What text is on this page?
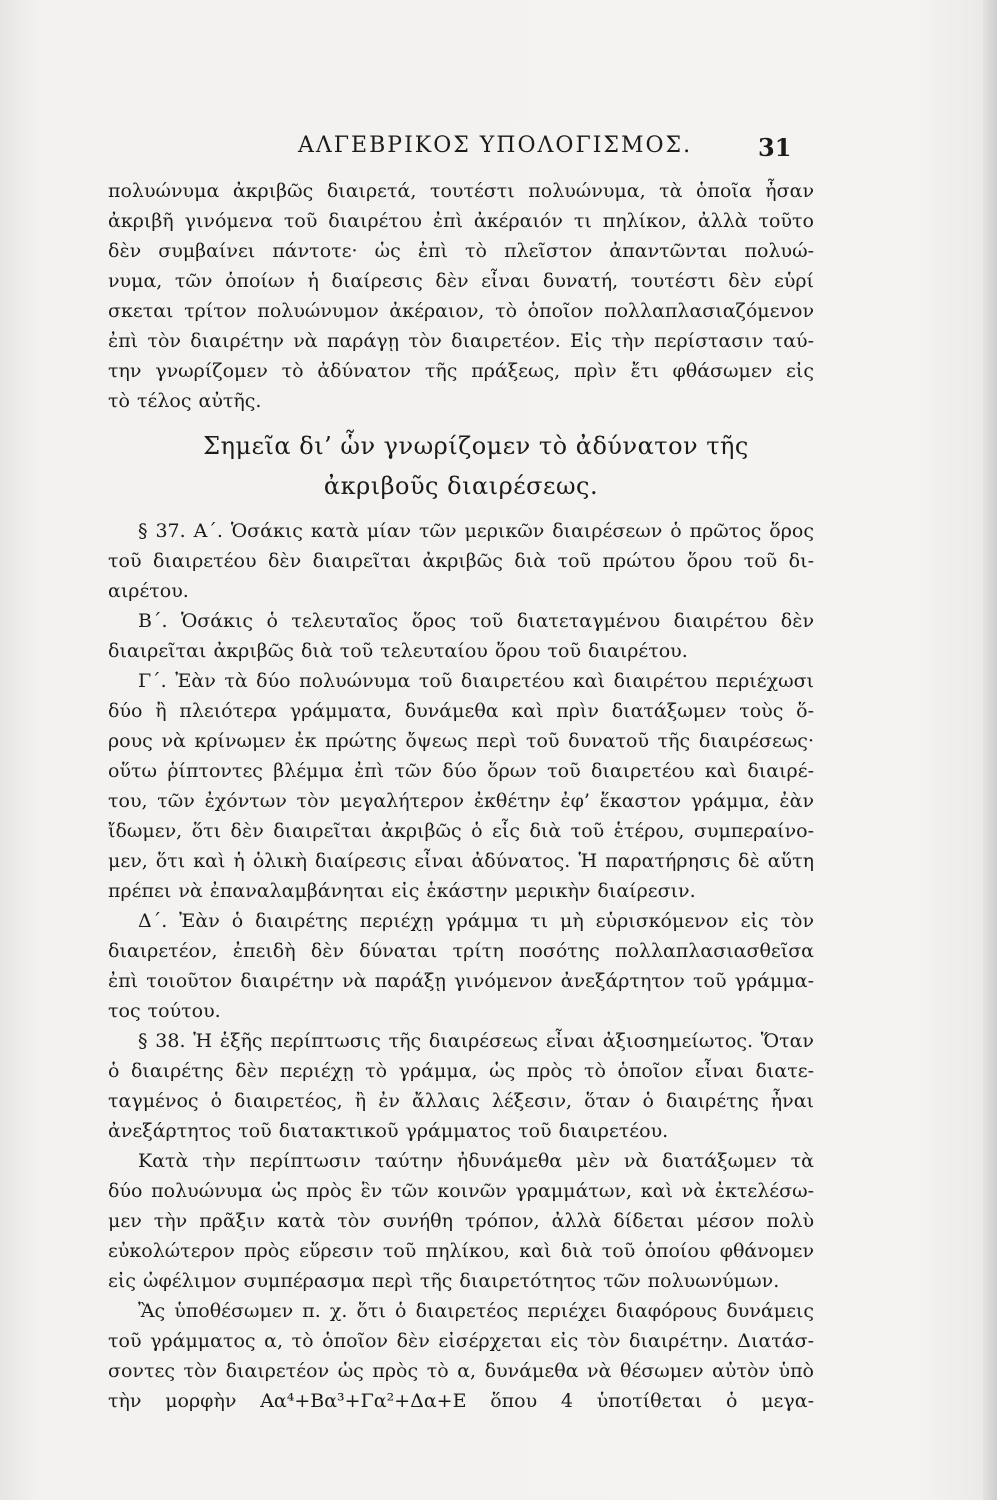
ΑΛΓΕΒΡΙΚΟΣ ΥΠΟΛΟΓΙΣΜΟΣ.	31
πολυώνυμα ἀκριβῶς διαιρετά, τουτέστι πολυώνυμα, τὰ ὁποῖα ἦσαν
ἀκριβῆ γινόμενα τοῦ διαιρέτου ἐπὶ ἀκέραιόν τι πηλίκον, ἀλλὰ τοῦτο
δὲν συμβαίνει πάντοτε· ὡς ἐπὶ τὸ πλεῖστον ἀπαντῶνται πολυώ-
νυμα, τῶν ὁποίων ἡ διαίρεσις δὲν εἶναι δυνατή, τουτέστι δὲν εὑρί
σκεται τρίτον πολυώνυμον ἀκέραιον, τὸ ὁποῖον πολλαπλασιαζόμενον
ἐπὶ τὸν διαιρέτην νὰ παράγῃ τὸν διαιρετέον. Εἰς τὴν περίστασιν ταύ-
την γνωρίζομεν τὸ ἀδύνατον τῆς πράξεως, πρὶν ἔτι φθάσωμεν εἰς
τὸ τέλος αὐτῆς.
Σημεῖα δι’ ὧν γνωρίζομεν τὸ ἀδύνατον τῆς
ἀκριβοῦς διαιρέσεως.
§ 37. Α΄. Ὁσάκις κατὰ μίαν τῶν μερικῶν διαιρέσεων ὁ πρῶτος ὅρος
τοῦ διαιρετέου δὲν διαιρεῖται ἀκριβῶς διὰ τοῦ πρώτου ὅρου τοῦ δι-
αιρέτου.
Β΄. Ὁσάκις ὁ τελευταῖος ὅρος τοῦ διατεταγμένου διαιρέτου δὲν
διαιρεῖται ἀκριβῶς διὰ τοῦ τελευταίου ὅρου τοῦ διαιρέτου.
Γ΄. Ἐὰν τὰ δύο πολυώνυμα τοῦ διαιρετέου καὶ διαιρέτου περιέχωσι
δύο ἢ πλειότερα γράμματα, δυνάμεθα καὶ πρὶν διατάξωμεν τοὺς ὅ-
ρους νὰ κρίνωμεν ἐκ πρώτης ὄψεως περὶ τοῦ δυνατοῦ τῆς διαιρέσεως·
οὕτω ῥίπτοντες βλέμμα ἐπὶ τῶν δύο ὅρων τοῦ διαιρετέου καὶ διαιρέ-
του, τῶν ἐχόντων τὸν μεγαλήτερον ἐκθέτην ἐφ’ ἕκαστον γράμμα, ἐὰν
ἴδωμεν, ὅτι δὲν διαιρεῖται ἀκριβῶς ὁ εἷς διὰ τοῦ ἑτέρου, συμπεραίνο-
μεν, ὅτι καὶ ἡ ὁλικὴ διαίρεσις εἶναι ἀδύνατος. Ἡ παρατήρησις δὲ αὕτη
πρέπει νὰ ἐπαναλαμβάνηται εἰς ἑκάστην μερικὴν διαίρεσιν.
Δ΄. Ἐὰν ὁ διαιρέτης περιέχῃ γράμμα τι μὴ εὑρισκόμενον εἰς τὸν
διαιρετέον, ἐπειδὴ δὲν δύναται τρίτη ποσότης πολλαπλασιασθεῖσα
ἐπὶ τοιοῦτον διαιρέτην νὰ παράξῃ γινόμενον ἀνεξάρτητον τοῦ γράμμα-
τος τούτου.
§ 38. Ἡ ἑξῆς περίπτωσις τῆς διαιρέσεως εἶναι ἀξιοσημείωτος. Ὅταν
ὁ διαιρέτης δὲν περιέχῃ τὸ γράμμα, ὡς πρὸς τὸ ὁποῖον εἶναι διατε-
ταγμένος ὁ διαιρετέος, ἢ ἐν ἄλλαις λέξεσιν, ὅταν ὁ διαιρέτης ἦναι
ἀνεξάρτητος τοῦ διατακτικοῦ γράμματος τοῦ διαιρετέου.
Κατὰ τὴν περίπτωσιν ταύτην ἠδυνάμεθα μὲν νὰ διατάξωμεν τὰ
δύο πολυώνυμα ὡς πρὸς ἓν τῶν κοινῶν γραμμάτων, καὶ νὰ ἐκτελέσω-
μεν τὴν πρᾶξιν κατὰ τὸν συνήθη τρόπον, ἀλλὰ δίδεται μέσον πολὺ
εὐκολώτερον πρὸς εὕρεσιν τοῦ πηλίκου, καὶ διὰ τοῦ ὁποίου φθάνομεν
εἰς ὠφέλιμον συμπέρασμα περὶ τῆς διαιρετότητος τῶν πολυωνύμων.
Ἂς ὑποθέσωμεν π. χ. ὅτι ὁ διαιρετέος περιέχει διαφόρους δυνάμεις
τοῦ γράμματος α, τὸ ὁποῖον δὲν εἰσέρχεται εἰς τὸν διαιρέτην. Διατάσ-
σοντες τὸν διαιρετέον ὡς πρὸς τὸ α, δυνάμεθα νὰ θέσωμεν αὐτὸν ὑπὸ
τὴν μορφὴν Αα⁴+Βα³+Γα²+Δα+Ε ὅπου 4 ὑποτίθεται ὁ μεγα-
